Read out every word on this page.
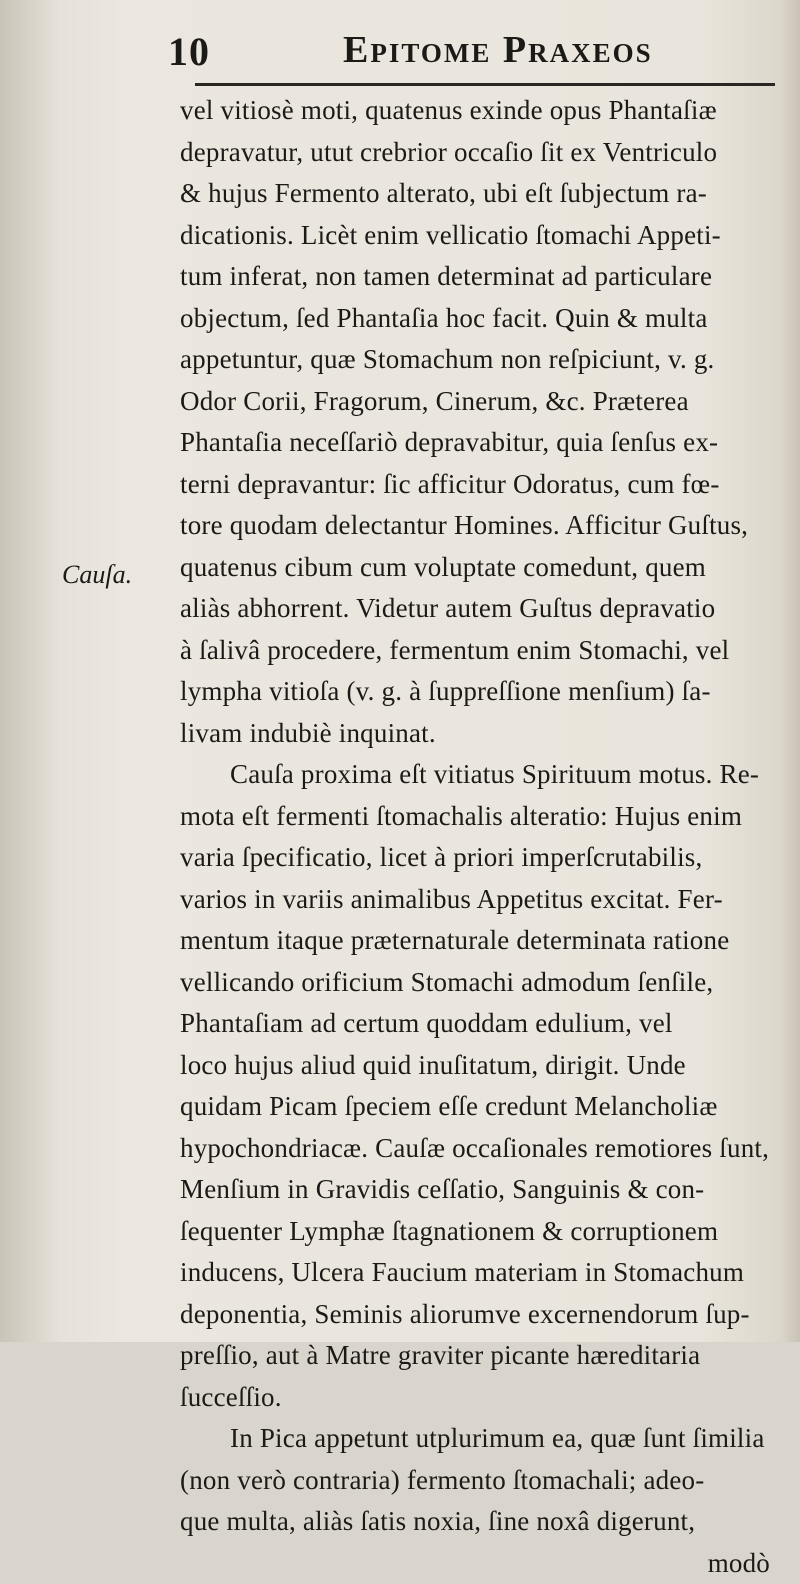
10	Epitome Praxeos
Cauſa.
vel vitiosè moti, quatenus exinde opus Phantaſiæ
depravatur, utut crebrior occaſio ſit ex Ventriculo
& hujus Fermento alterato, ubi eſt ſubjectum ra-
dicationis. Licèt enim vellicatio ſtomachi Appeti-
tum inferat, non tamen determinat ad particulare
objectum, ſed Phantaſia hoc facit. Quin & multa
appetuntur, quæ Stomachum non reſpiciunt, v. g.
Odor Corii, Fragorum, Cinerum, &c. Præterea
Phantaſia neceſſariò depravabitur, quia ſenſus ex-
terni depravantur: ſic afficitur Odoratus, cum fœ-
tore quodam delectantur Homines. Afficitur Guſtus,
quatenus cibum cum voluptate comedunt, quem
aliàs abhorrent. Videtur autem Guſtus depravatio
à ſalivâ procedere, fermentum enim Stomachi, vel
lympha vitioſa (v. g. à ſuppreſſione menſium) ſa-
livam indubiè inquinat.
Cauſa proxima eſt vitiatus Spirituum motus. Re-
mota eſt fermenti ſtomachalis alteratio: Hujus enim
varia ſpecificatio, licet à priori imperſcrutabilis,
varios in variis animalibus Appetitus excitat. Fer-
mentum itaque præternaturale determinata ratione
vellicando orificium Stomachi admodum ſenſile,
Phantaſiam ad certum quoddam edulium, vel
loco hujus aliud quid inuſitatum, dirigit. Unde
quidam Picam ſpeciem eſſe credunt Melancholiæ
hypochondriacæ. Cauſæ occaſionales remotiores ſunt,
Menſium in Gravidis ceſſatio, Sanguinis & con-
ſequenter Lymphæ ſtagnationem & corruptionem
inducens, Ulcera Faucium materiam in Stomachum
deponentia, Seminis aliorumve excernendorum ſup-
preſſio, aut à Matre graviter picante hæreditaria
ſucceſſio.
In Pica appetunt utplurimum ea, quæ ſunt ſimilia
(non verò contraria) fermento ſtomachali; adeo-
que multa, aliàs ſatis noxia, ſine noxâ digerunt,
modò
